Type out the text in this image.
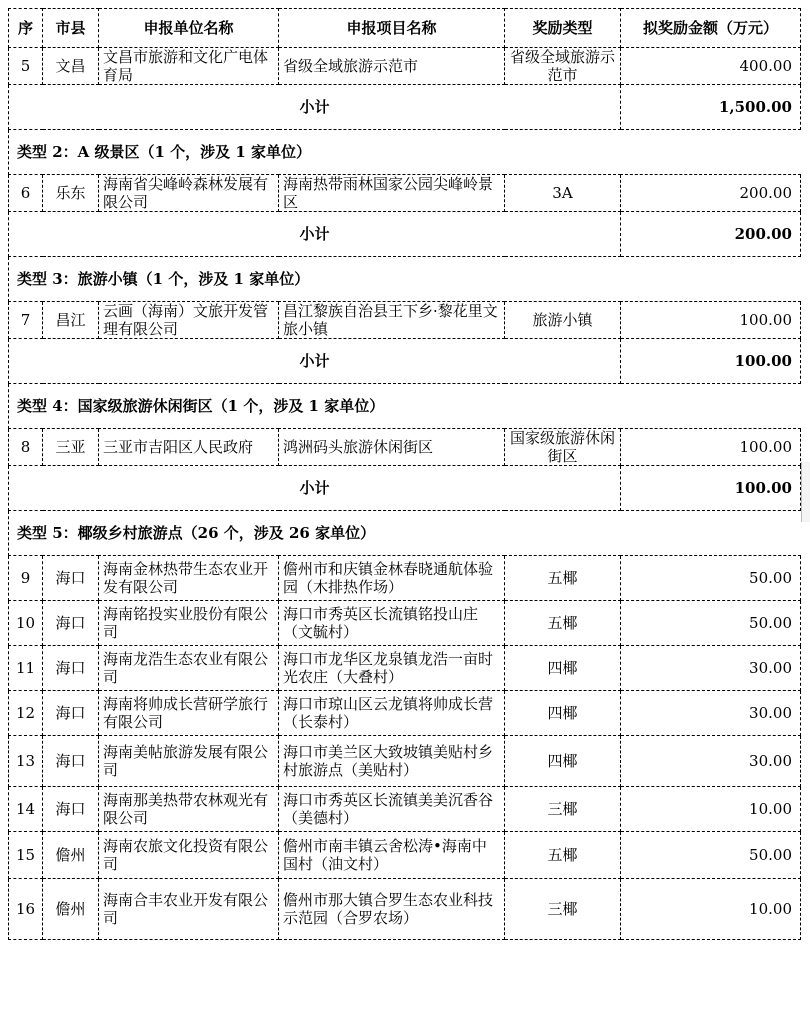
序	市县	申报单位名称	申报项目名称	奖励类型	拟奖励金额（万元）
5	文昌	文昌市旅游和文化广电体育局	省级全域旅游示范市	省级全域旅游示范市	400.00
小计					1,500.00
类型 2：A 级景区（1 个，涉及 1 家单位）					
6	乐东	海南省尖峰岭森林发展有限公司	海南热带雨林国家公园尖峰岭景区	3A	200.00
小计					200.00
类型 3：旅游小镇（1 个，涉及 1 家单位）					
7	昌江	云画（海南）文旅开发管理有限公司	昌江黎族自治县王下乡·黎花里文旅小镇	旅游小镇	100.00
小计					100.00
类型 4：国家级旅游休闲街区（1 个，涉及 1 家单位）					
8	三亚	三亚市吉阳区人民政府	鸿洲码头旅游休闲街区	国家级旅游休闲街区	100.00
小计					100.00
类型 5：椰级乡村旅游点（26 个，涉及 26 家单位）					
9	海口	海南金林热带生态农业开发有限公司	儋州市和庆镇金林春晓通航体验园（木排热作场）	五椰	50.00
10	海口	海南铭投实业股份有限公司	海口市秀英区长流镇铭投山庄（文毓村）	五椰	50.00
11	海口	海南龙浩生态农业有限公司	海口市龙华区龙泉镇龙浩一亩时光农庄（大叠村）	四椰	30.00
12	海口	海南将帅成长营研学旅行有限公司	海口市琼山区云龙镇将帅成长营（长泰村）	四椰	30.00
13	海口	海南美帖旅游发展有限公司	海口市美兰区大致坡镇美贴村乡村旅游点（美贴村）	四椰	30.00
14	海口	海南那美热带农林观光有限公司	海口市秀英区长流镇美美沉香谷（美德村）	三椰	10.00
15	儋州	海南农旅文化投资有限公司	儋州市南丰镇云舍松涛•海南中国村（油文村）	五椰	50.00
16	儋州	海南合丰农业开发有限公司	儋州市那大镇合罗生态农业科技示范园（合罗农场）	三椰	10.00
